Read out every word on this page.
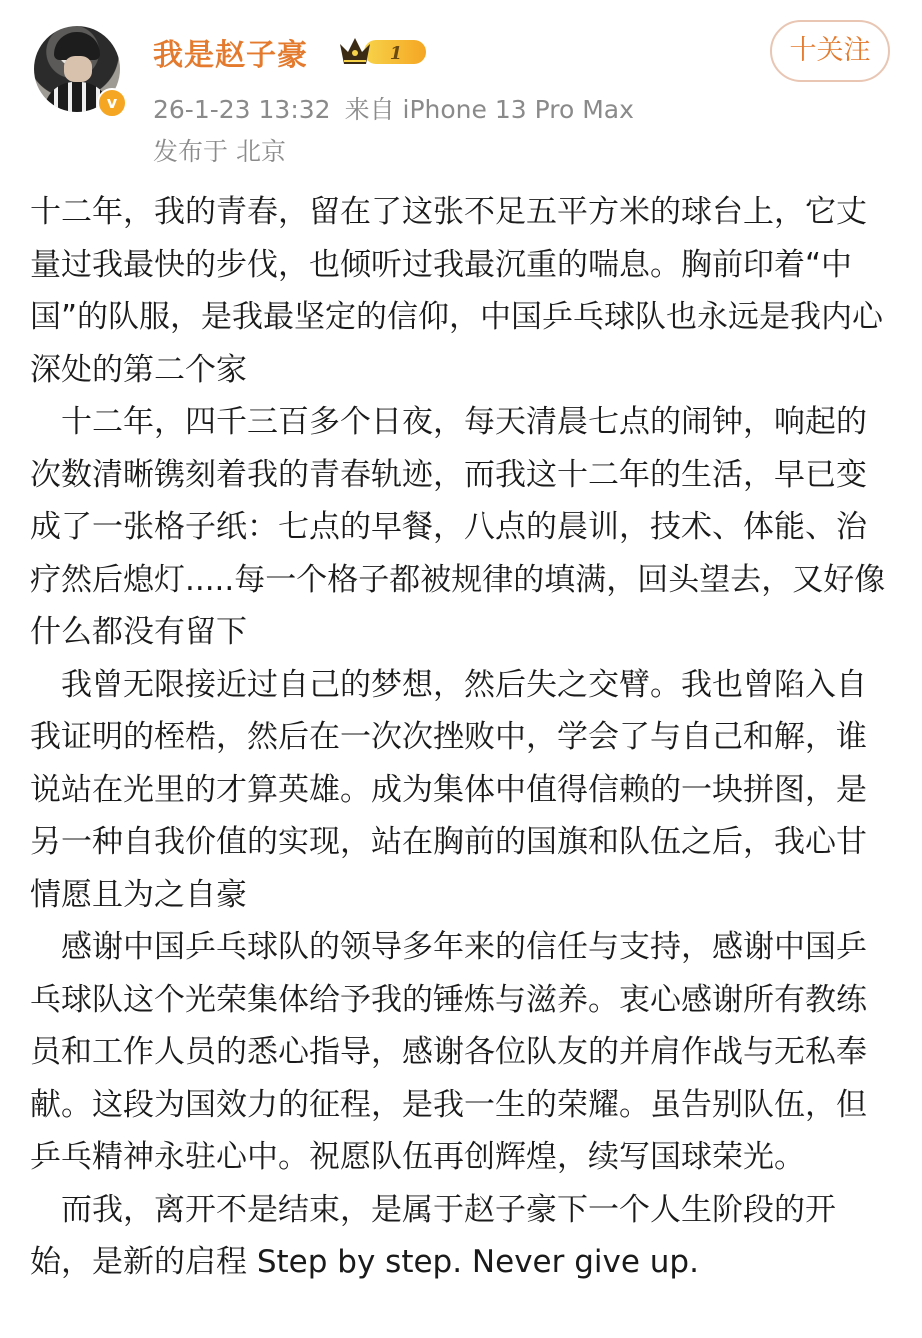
v
我是赵子豪	1
26-1-23 13:32 来自 iPhone 13 Pro Max
发布于 北京
十关注

十二年，我的青春，留在了这张不足五平方米的球台上，它丈量过我最快的步伐，也倾听过我最沉重的喘息。胸前印着“中国”的队服，是我最坚定的信仰，中国乒乓球队也永远是我内心深处的第二个家

　十二年，四千三百多个日夜，每天清晨七点的闹钟，响起的次数清晰镌刻着我的青春轨迹，而我这十二年的生活，早已变成了一张格子纸：七点的早餐，八点的晨训，技术、体能、治疗然后熄灯.....每一个格子都被规律的填满，回头望去，又好像什么都没有留下

　我曾无限接近过自己的梦想，然后失之交臂。我也曾陷入自我证明的桎梏，然后在一次次挫败中，学会了与自己和解，谁说站在光里的才算英雄。成为集体中值得信赖的一块拼图，是另一种自我价值的实现，站在胸前的国旗和队伍之后，我心甘情愿且为之自豪

　感谢中国乒乓球队的领导多年来的信任与支持，感谢中国乒乓球队这个光荣集体给予我的锤炼与滋养。衷心感谢所有教练员和工作人员的悉心指导，感谢各位队友的并肩作战与无私奉献。这段为国效力的征程，是我一生的荣耀。虽告别队伍，但乒乓精神永驻心中。祝愿队伍再创辉煌，续写国球荣光。

　而我，离开不是结束，是属于赵子豪下一个人生阶段的开始，是新的启程 Step by step. Never give up.
